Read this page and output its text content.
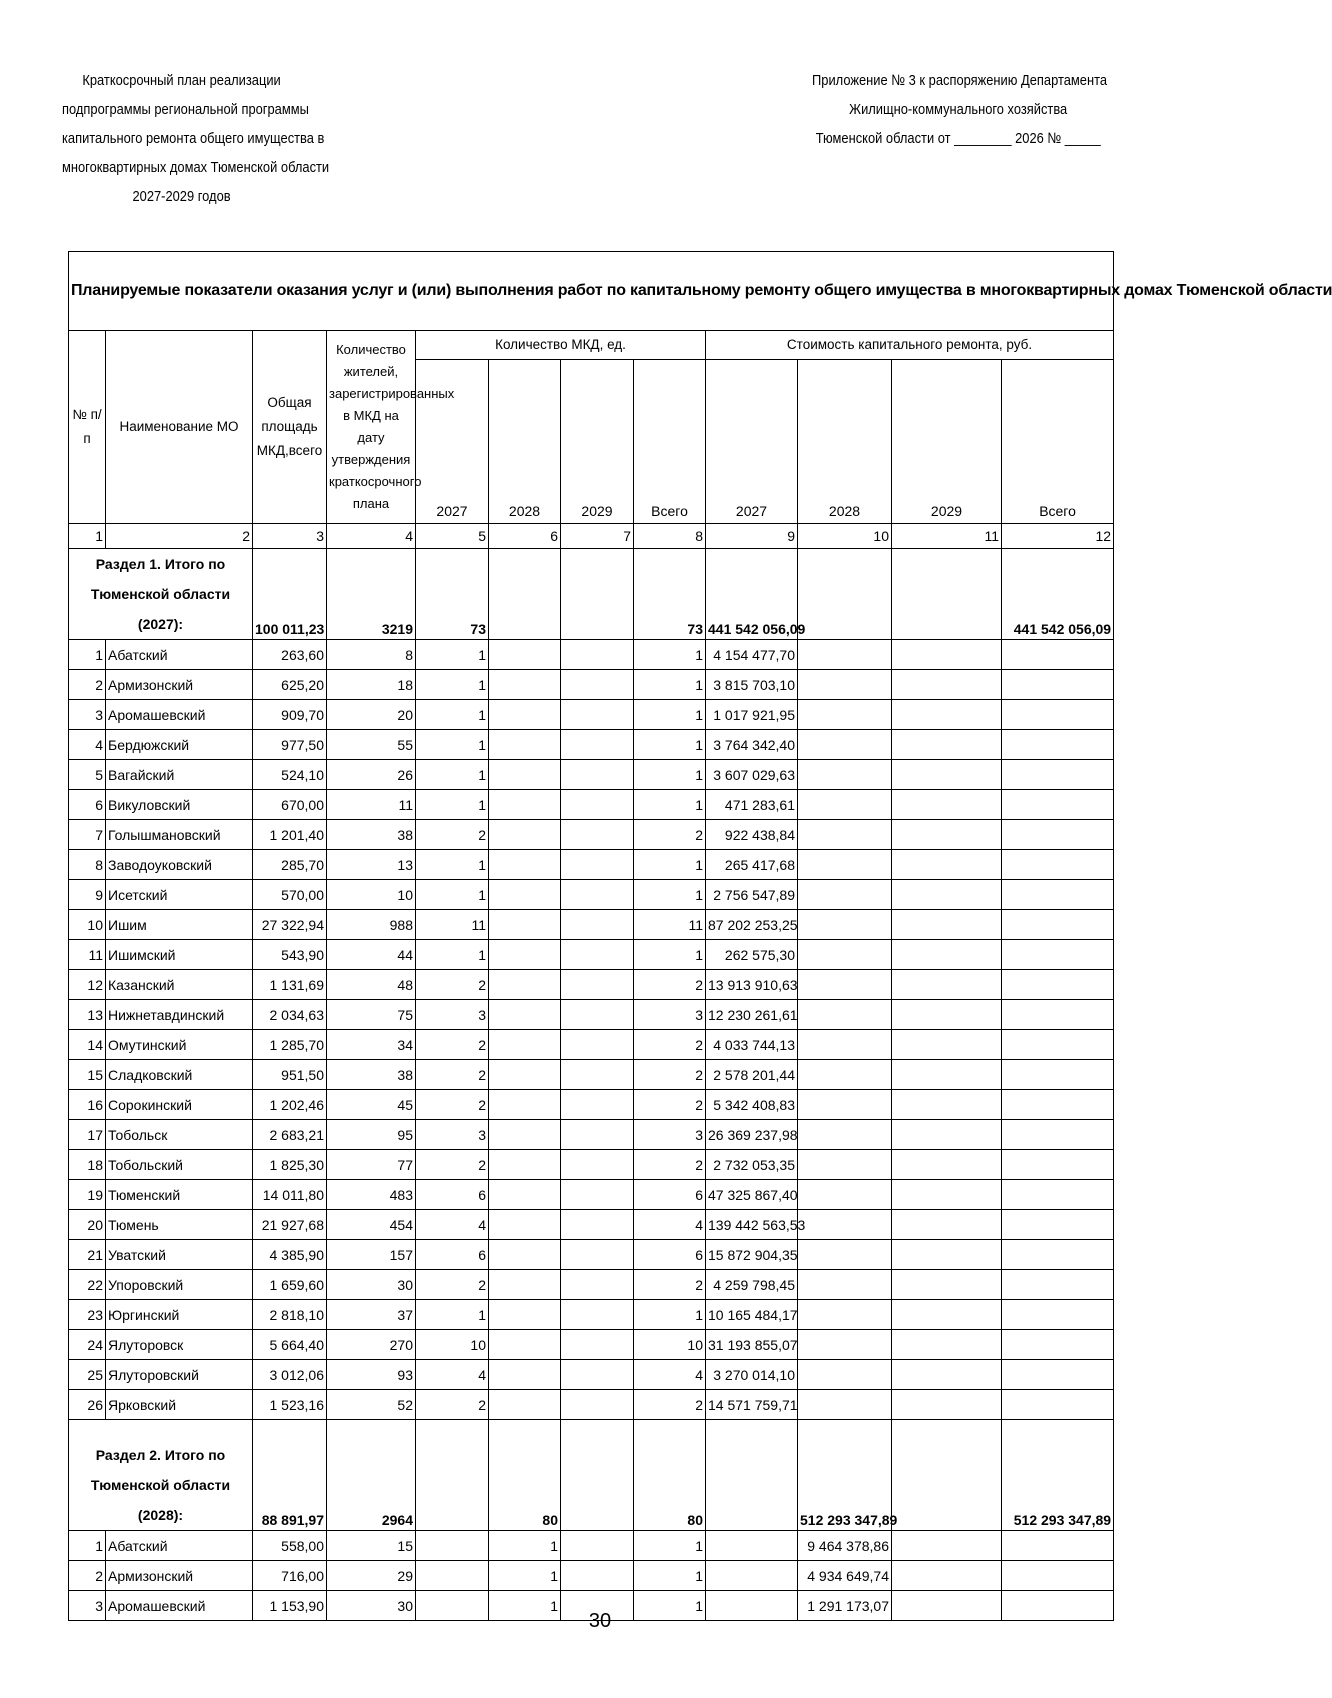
Краткосрочный план реализации
подпрограммы региональной программы
капитального ремонта общего имущества в
многоквартирных домах Тюменской области
2027-2029 годов
Приложение № 3 к распоряжению Департамента
Жилищно-коммунального хозяйства
Тюменской области от ________ 2026 № _____
Планируемые показатели оказания услуг и (или) выполнения работ по капитальному ремонту общего имущества в многоквартирных домах Тюменской области											
№ п/п	Наименование МО	Общая площадь МКД,всего	Количество жителей, зарегистрированных в МКД на дату утверждения краткосрочного плана	Количество МКД, ед.				Стоимость капитального ремонта, руб.			
				2027	2028	2029	Всего	2027	2028	2029	Всего
1	2	3	4	5	6	7	8	9	10	11	12

Раздел 1. Итого по
Тюменской области (2027):		100 011,23	3219	73			73	441 542 056,09			441 542 056,09
1	Абатский	263,60	8	1			1	4 154 477,70			
2	Армизонский	625,20	18	1			1	3 815 703,10			
3	Аромашевский	909,70	20	1			1	1 017 921,95			
4	Бердюжский	977,50	55	1			1	3 764 342,40			
5	Вагайский	524,10	26	1			1	3 607 029,63			
6	Викуловский	670,00	11	1			1	471 283,61			
7	Голышмановский	1 201,40	38	2			2	922 438,84			
8	Заводоуковский	285,70	13	1			1	265 417,68			
9	Исетский	570,00	10	1			1	2 756 547,89			
10	Ишим	27 322,94	988	11			11	87 202 253,25			
11	Ишимский	543,90	44	1			1	262 575,30			
12	Казанский	1 131,69	48	2			2	13 913 910,63			
13	Нижнетавдинский	2 034,63	75	3			3	12 230 261,61			
14	Омутинский	1 285,70	34	2			2	4 033 744,13			
15	Сладковский	951,50	38	2			2	2 578 201,44			
16	Сорокинский	1 202,46	45	2			2	5 342 408,83			
17	Тобольск	2 683,21	95	3			3	26 369 237,98			
18	Тобольский	1 825,30	77	2			2	2 732 053,35			
19	Тюменский	14 011,80	483	6			6	47 325 867,40			
20	Тюмень	21 927,68	454	4			4	139 442 563,53			
21	Уватский	4 385,90	157	6			6	15 872 904,35			
22	Упоровский	1 659,60	30	2			2	4 259 798,45			
23	Юргинский	2 818,10	37	1			1	10 165 484,17			
24	Ялуторовск	5 664,40	270	10			10	31 193 855,07			
25	Ялуторовский	3 012,06	93	4			4	3 270 014,10			
26	Ярковский	1 523,16	52	2			2	14 571 759,71			

Раздел 2. Итого по
Тюменской области (2028):		88 891,97	2964		80		80		512 293 347,89		512 293 347,89
1	Абатский	558,00	15		1		1		9 464 378,86		
2	Армизонский	716,00	29		1		1		4 934 649,74		
3	Аромашевский	1 153,90	30		1		1		1 291 173,07		
30
